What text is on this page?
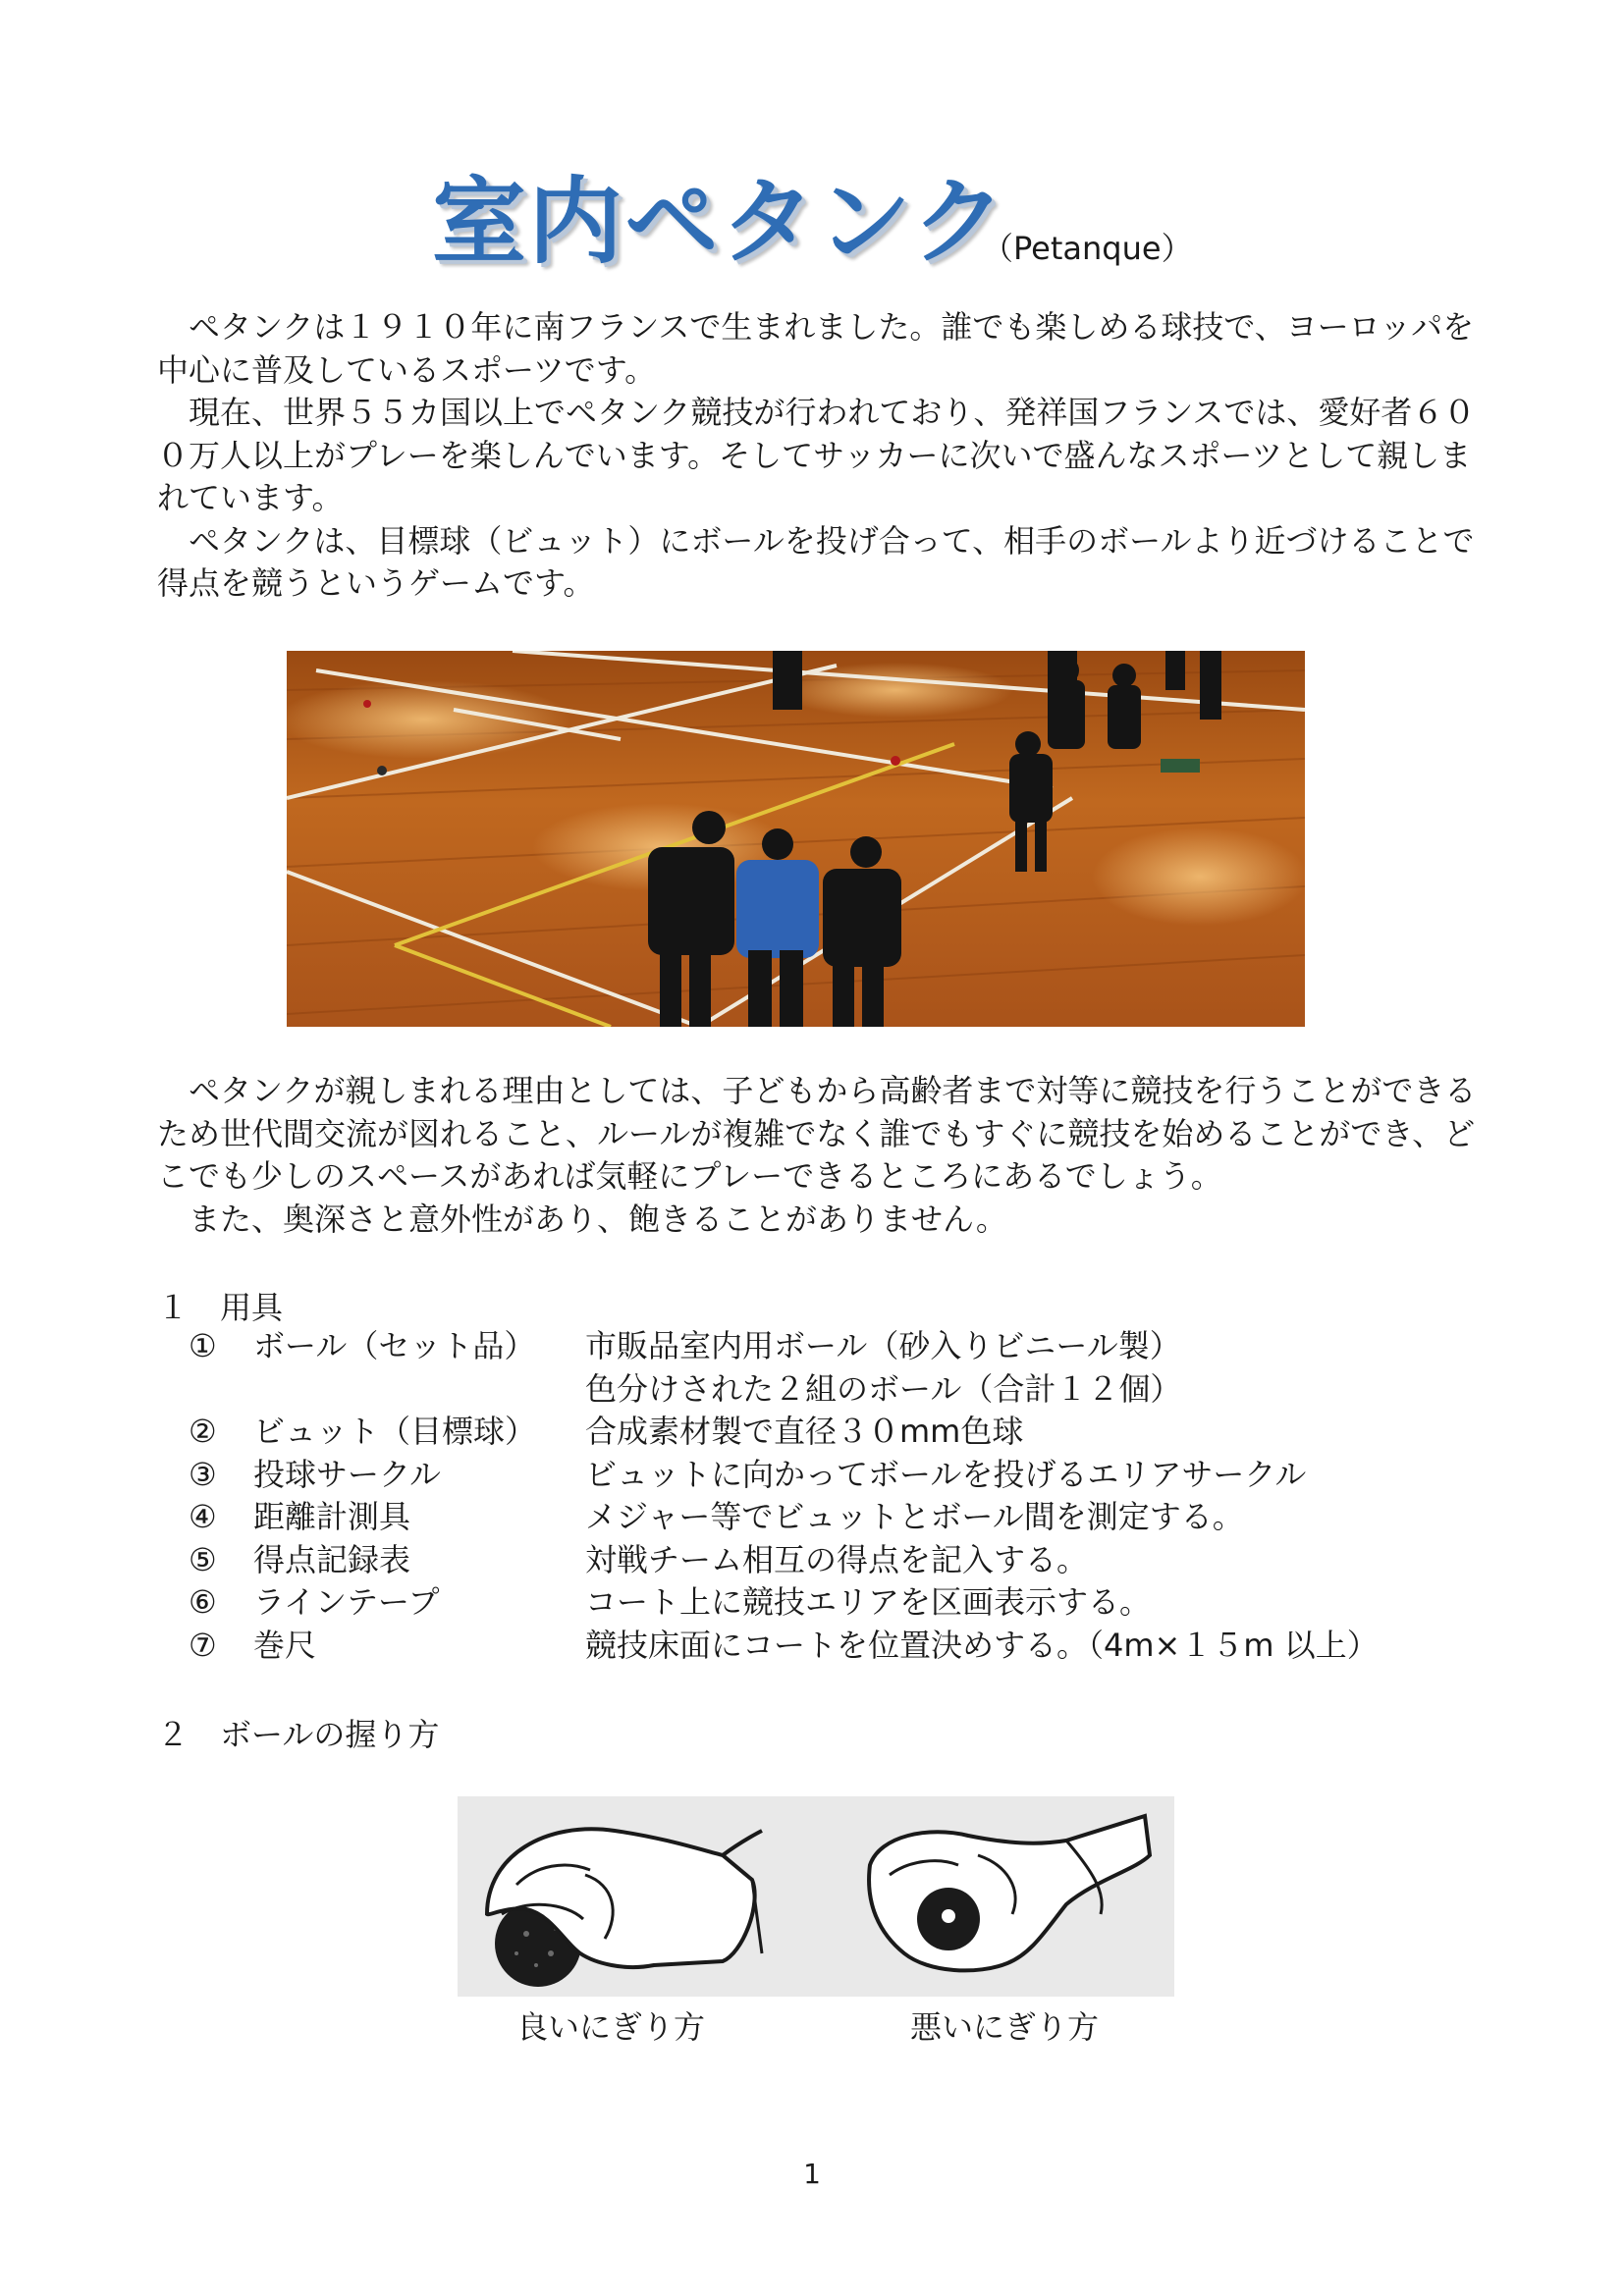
室内ペタンク
（Petanque）

ペタンクは１９１０年に南フランスで生まれました。誰でも楽しめる球技で、ヨーロッパを中心に普及しているスポーツです。

現在、世界５５カ国以上でペタンク競技が行われており、発祥国フランスでは、愛好者６００万人以上がプレーを楽しんでいます。そしてサッカーに次いで盛んなスポーツとして親しまれています。

ペタンクは、目標球（ビュット）にボールを投げ合って、相手のボールより近づけることで得点を競うというゲームです。

ペタンクが親しまれる理由としては、子どもから高齢者まで対等に競技を行うことができるため世代間交流が図れること、ルールが複雑でなく誰でもすぐに競技を始めることができ、どこでも少しのスペースがあれば気軽にプレーできるところにあるでしょう。

また、奥深さと意外性があり、飽きることがありません。

１ 用具
①	ボール（セット品）	市販品室内用ボール（砂入りビニール製）
色分けされた２組のボール（合計１２個）
②	ビュット（目標球）	合成素材製で直径３０mm色球
③	投球サークル	ビュットに向かってボールを投げるエリアサークル
④	距離計測具	メジャー等でビュットとボール間を測定する。
⑤	得点記録表	対戦チーム相互の得点を記入する。
⑥	ラインテープ	コート上に競技エリアを区画表示する。
⑦	巻尺	競技床面にコートを位置決めする。（4m×１５m 以上）
２ ボールの握り方
良いにぎり方	悪いにぎり方
1
